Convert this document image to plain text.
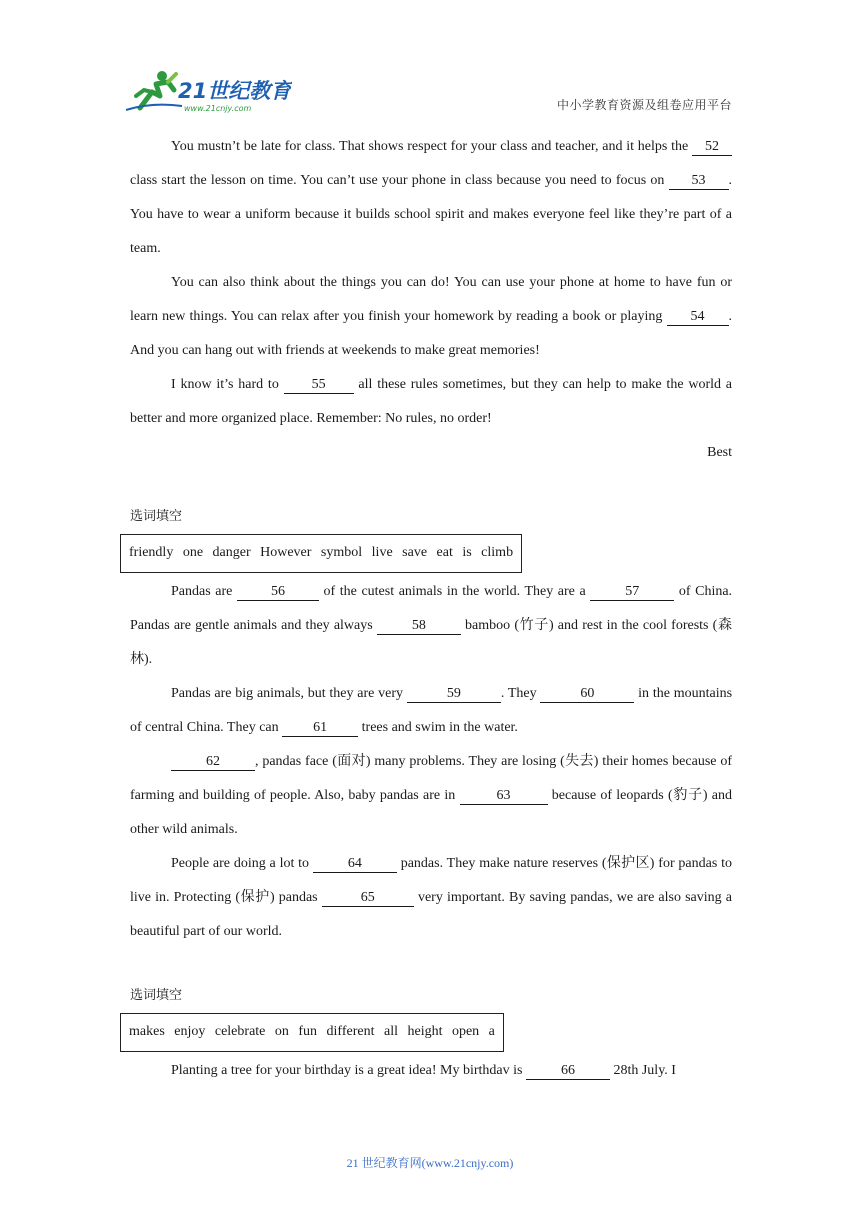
21世纪教育
www.21cnjy.com	中小学教育资源及组卷应用平台

You mustn’t be late for class. That shows respect for your class and teacher, and it helps the 52 class start the lesson on time. You can’t use your phone in class because you need to focus on 53 . You have to wear a uniform because it builds school spirit and makes everyone feel like they’re part of a team.

You can also think about the things you can do! You can use your phone at home to have fun or learn new things. You can relax after you finish your homework by reading a book or playing 54 . And you can hang out with friends at weekends to make great memories!

I know it’s hard to 55 all these rules sometimes, but they can help to make the world a better and more organized place. Remember: No rules, no order!

Best

选词填空
friendly one danger However symbol live save eat is climb

Pandas are	56	of the cutest animals in the world. They are a	57	of China. Pandas are gentle animals and they always	58	bamboo (竹子) and rest in the cool forests (森林).

Pandas are big animals, but they are very	59	. They	60	in the mountains of central China. They can 61 trees and swim in the water.

62	, pandas face (面对) many problems. They are losing (失去) their homes because of farming and building of people. Also, baby pandas are in	63	because of leopards (豹子) and other wild animals.

People are doing a lot to	64	pandas. They make nature reserves (保护区) for pandas to live in. Protecting (保护) pandas	65	very important. By saving pandas, we are also saving a beautiful part of our world.

选词填空
makes enjoy celebrate on fun different all height open a

Planting a tree for your birthday is a great idea! My birthdav is	66	28th July. I

21 世纪教育网(www.21cnjy.com)
